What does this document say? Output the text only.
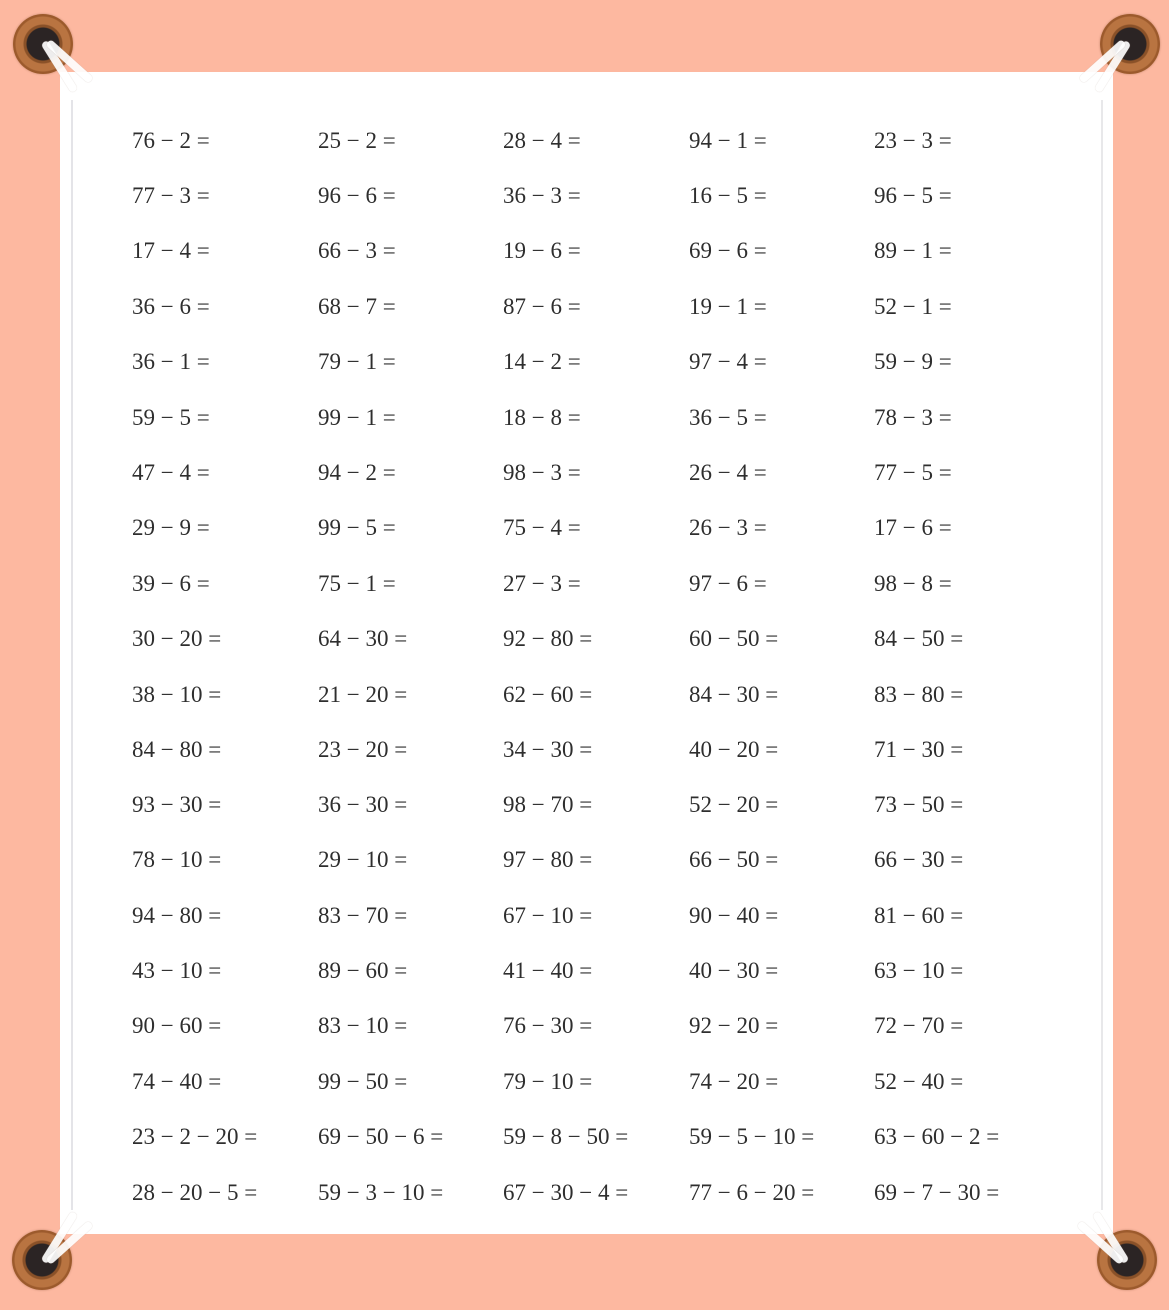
76 − 2 =	25 − 2 =	28 − 4 =	94 − 1 =	23 − 3 =
77 − 3 =	96 − 6 =	36 − 3 =	16 − 5 =	96 − 5 =
17 − 4 =	66 − 3 =	19 − 6 =	69 − 6 =	89 − 1 =
36 − 6 =	68 − 7 =	87 − 6 =	19 − 1 =	52 − 1 =
36 − 1 =	79 − 1 =	14 − 2 =	97 − 4 =	59 − 9 =
59 − 5 =	99 − 1 =	18 − 8 =	36 − 5 =	78 − 3 =
47 − 4 =	94 − 2 =	98 − 3 =	26 − 4 =	77 − 5 =
29 − 9 =	99 − 5 =	75 − 4 =	26 − 3 =	17 − 6 =
39 − 6 =	75 − 1 =	27 − 3 =	97 − 6 =	98 − 8 =
30 − 20 =	64 − 30 =	92 − 80 =	60 − 50 =	84 − 50 =
38 − 10 =	21 − 20 =	62 − 60 =	84 − 30 =	83 − 80 =
84 − 80 =	23 − 20 =	34 − 30 =	40 − 20 =	71 − 30 =
93 − 30 =	36 − 30 =	98 − 70 =	52 − 20 =	73 − 50 =
78 − 10 =	29 − 10 =	97 − 80 =	66 − 50 =	66 − 30 =
94 − 80 =	83 − 70 =	67 − 10 =	90 − 40 =	81 − 60 =
43 − 10 =	89 − 60 =	41 − 40 =	40 − 30 =	63 − 10 =
90 − 60 =	83 − 10 =	76 − 30 =	92 − 20 =	72 − 70 =
74 − 40 =	99 − 50 =	79 − 10 =	74 − 20 =	52 − 40 =
23 − 2 − 20 =	69 − 50 − 6 =	59 − 8 − 50 =	59 − 5 − 10 =	63 − 60 − 2 =
28 − 20 − 5 =	59 − 3 − 10 =	67 − 30 − 4 =	77 − 6 − 20 =	69 − 7 − 30 =
